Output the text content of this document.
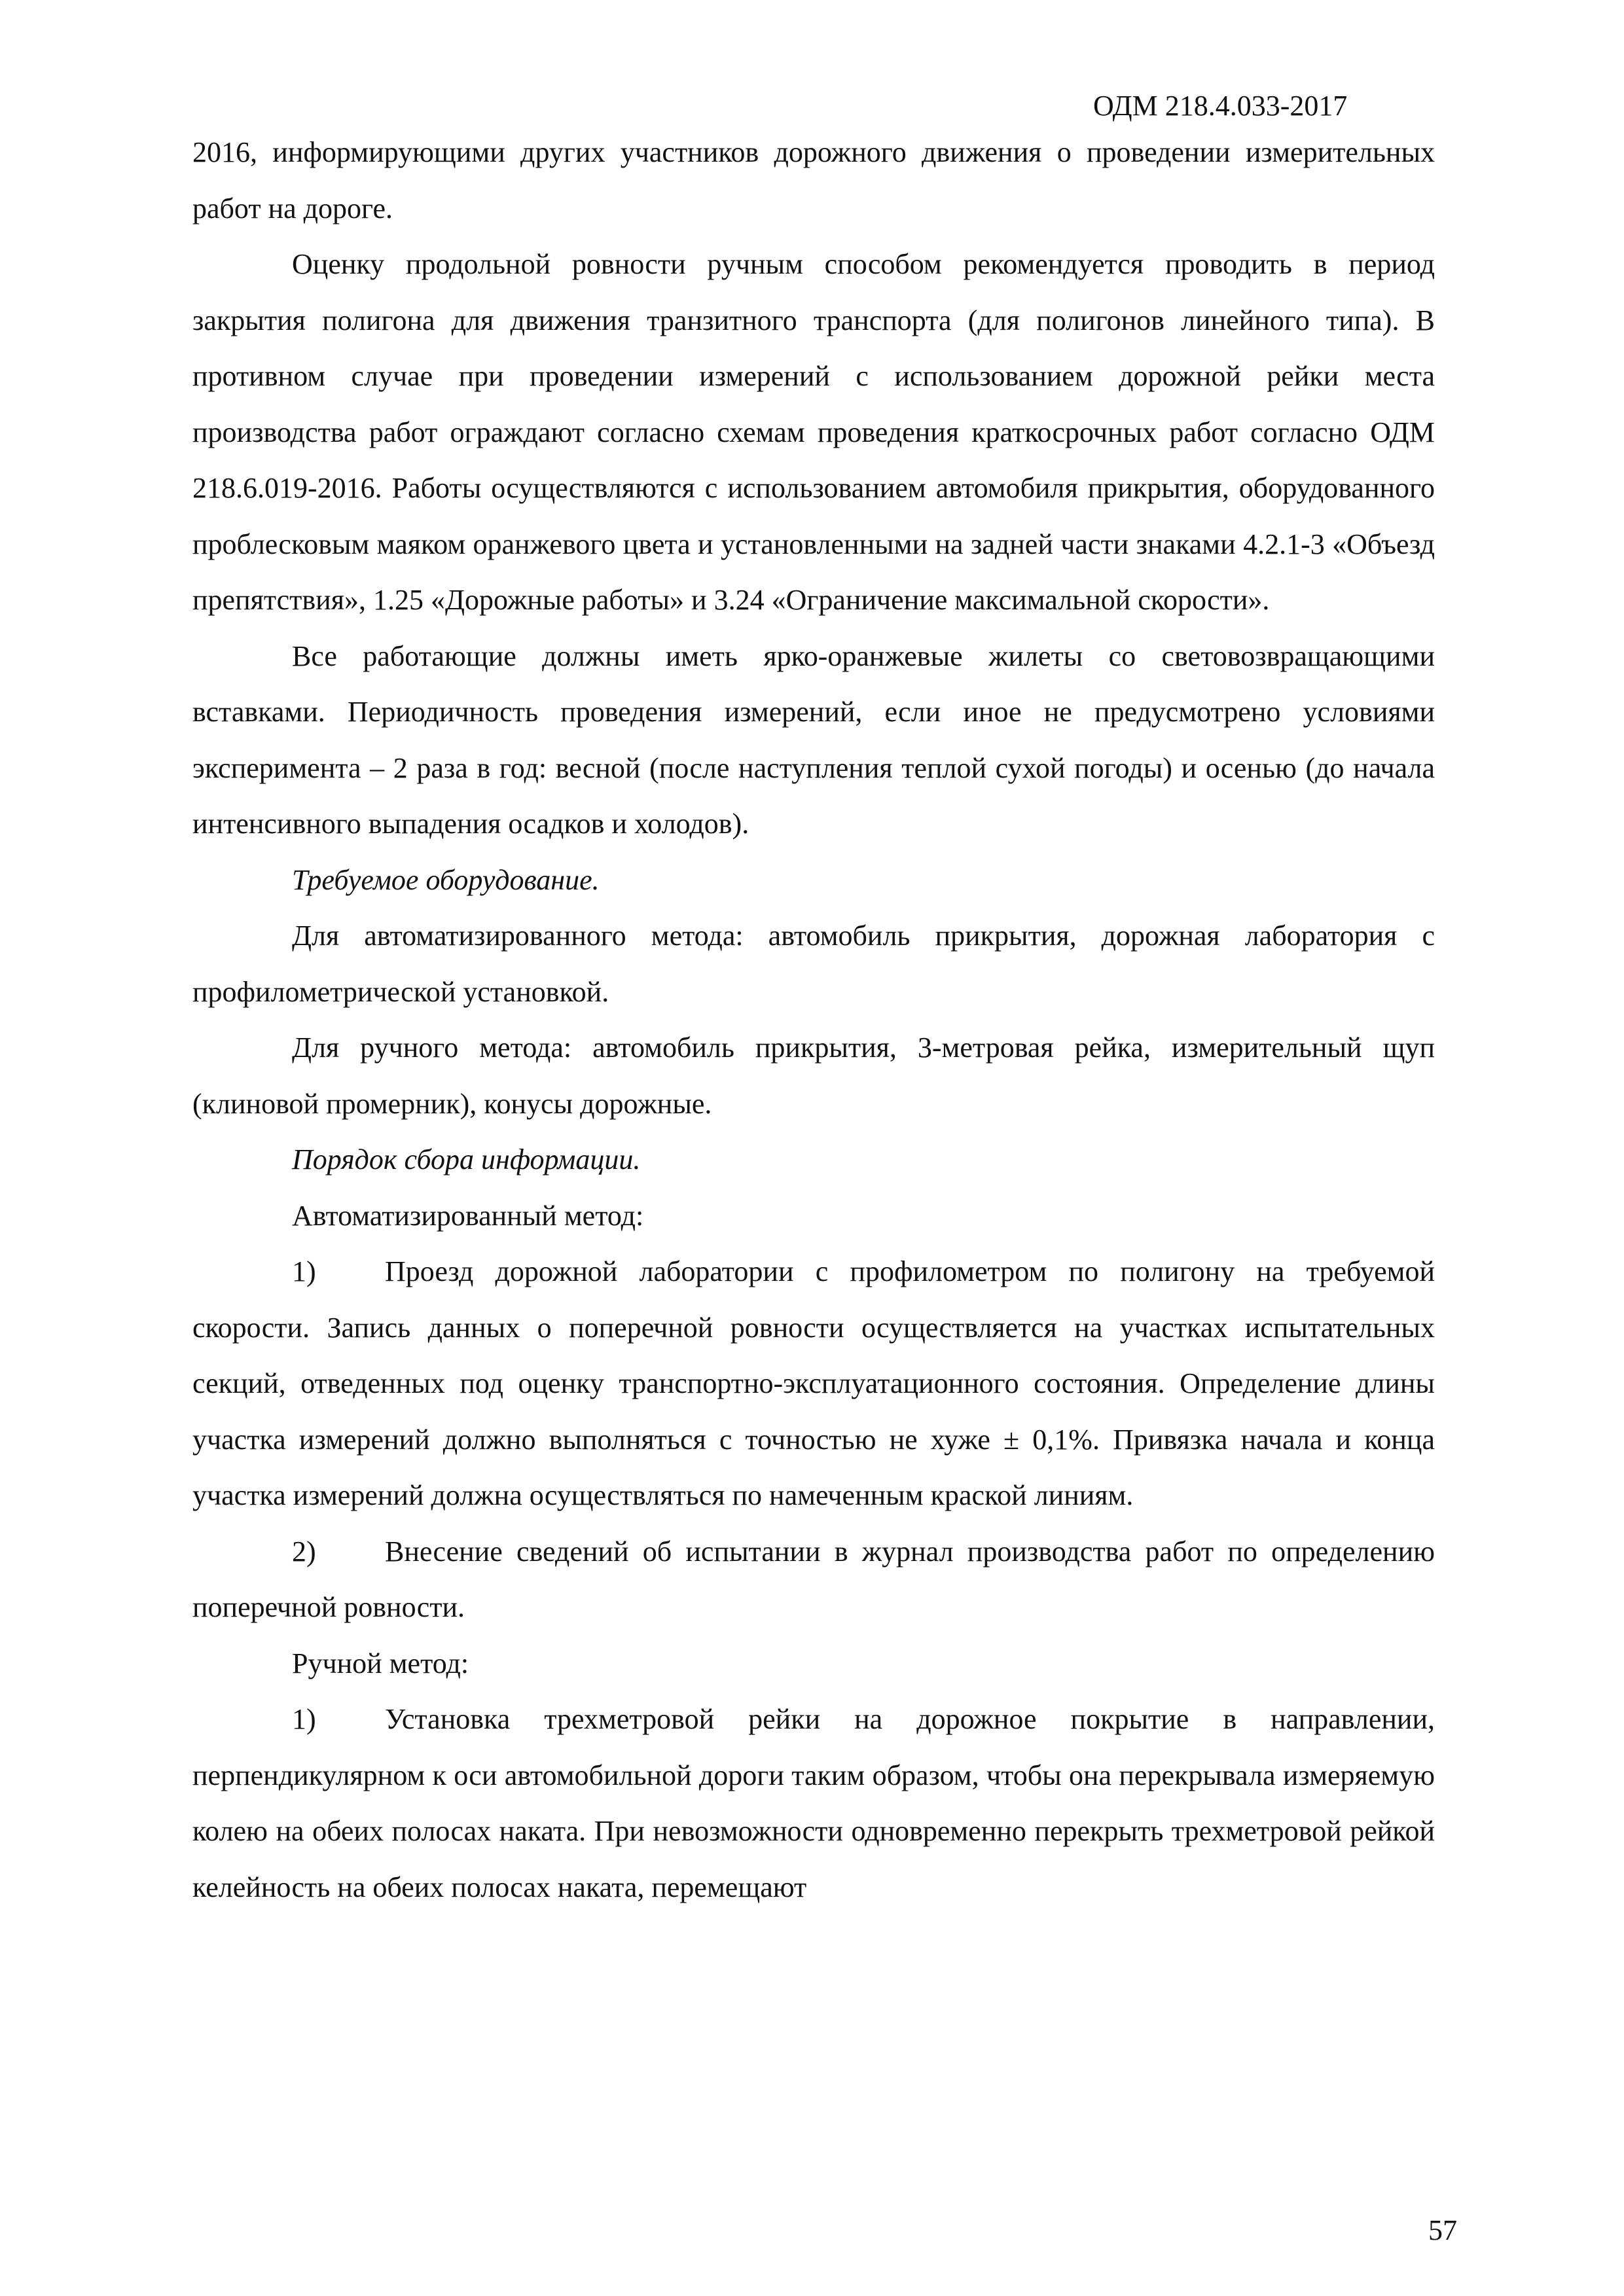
ОДМ 218.4.033-2017

2016, информирующими других участников дорожного движения о проведении измерительных работ на дороге.

Оценку продольной ровности ручным способом рекомендуется проводить в период закрытия полигона для движения транзитного транспорта (для полигонов линейного типа). В противном случае при проведении измерений с использованием дорожной рейки места производства работ ограждают согласно схемам проведения краткосрочных работ согласно ОДМ 218.6.019-2016. Работы осуществляются с использованием автомобиля прикрытия, оборудованного проблесковым маяком оранжевого цвета и установленными на задней части знаками 4.2.1-3 «Объезд препятствия», 1.25 «Дорожные работы» и 3.24 «Ограничение максимальной скорости».

Все работающие должны иметь ярко-оранжевые жилеты со световозвращающими вставками. Периодичность проведения измерений, если иное не предусмотрено условиями эксперимента – 2 раза в год: весной (после наступления теплой сухой погоды) и осенью (до начала интенсивного выпадения осадков и холодов).

Требуемое оборудование.

Для автоматизированного метода: автомобиль прикрытия, дорожная лаборатория с профилометрической установкой.

Для ручного метода: автомобиль прикрытия, 3-метровая рейка, измерительный щуп (клиновой промерник), конусы дорожные.

Порядок сбора информации.

Автоматизированный метод:

1) Проезд дорожной лаборатории с профилометром по полигону на требуемой скорости. Запись данных о поперечной ровности осуществляется на участках испытательных секций, отведенных под оценку транспортно-эксплуатационного состояния. Определение длины участка измерений должно выполняться с точностью не хуже ± 0,1%. Привязка начала и конца участка измерений должна осуществляться по намеченным краской линиям.

2) Внесение сведений об испытании в журнал производства работ по определению поперечной ровности.

Ручной метод:

1) Установка трехметровой рейки на дорожное покрытие в направлении, перпендикулярном к оси автомобильной дороги таким образом, чтобы она перекрывала измеряемую колею на обеих полосах наката. При невозможности одновременно перекрыть трехметровой рейкой келейность на обеих полосах наката, перемещают

57
